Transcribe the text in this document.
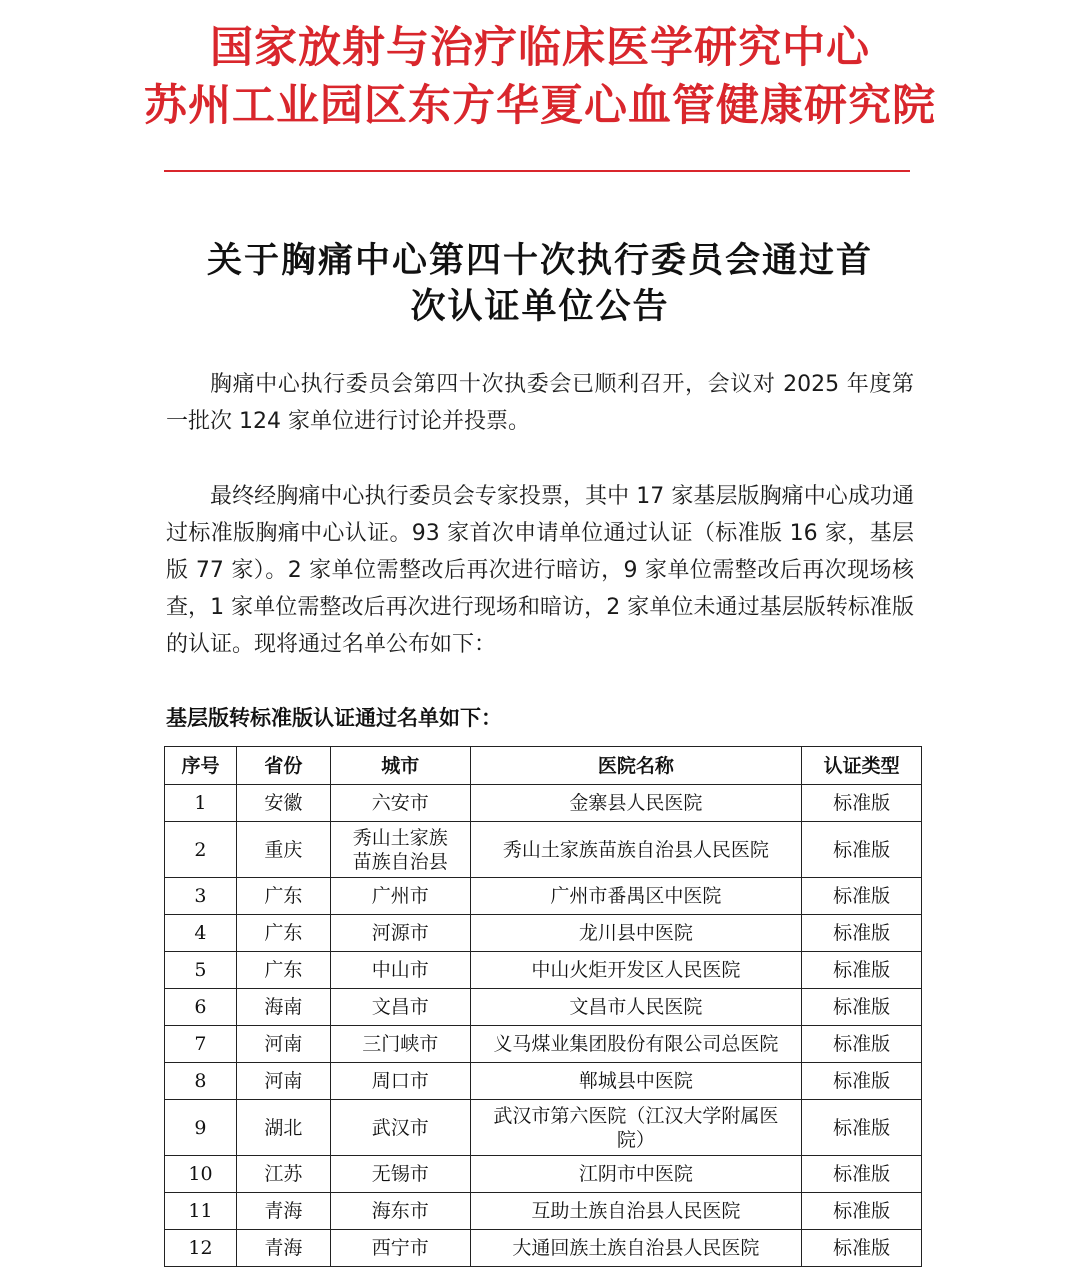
国家放射与治疗临床医学研究中心
苏州工业园区东方华夏心血管健康研究院
关于胸痛中心第四十次执行委员会通过首
次认证单位公告
胸痛中心执行委员会第四十次执委会已顺利召开，会议对 2025 年度第一批次 124 家单位进行讨论并投票。
最终经胸痛中心执行委员会专家投票，其中 17 家基层版胸痛中心成功通过标准版胸痛中心认证。93 家首次申请单位通过认证（标准版 16 家，基层版 77 家）。2 家单位需整改后再次进行暗访，9 家单位需整改后再次现场核查，1 家单位需整改后再次进行现场和暗访，2 家单位未通过基层版转标准版的认证。现将通过名单公布如下：
基层版转标准版认证通过名单如下：
序号	省份	城市	医院名称	认证类型
1	安徽	六安市	金寨县人民医院	标准版
2	重庆	秀山土家族苗族自治县	秀山土家族苗族自治县人民医院	标准版
3	广东	广州市	广州市番禺区中医院	标准版
4	广东	河源市	龙川县中医院	标准版
5	广东	中山市	中山火炬开发区人民医院	标准版
6	海南	文昌市	文昌市人民医院	标准版
7	河南	三门峡市	义马煤业集团股份有限公司总医院	标准版
8	河南	周口市	郸城县中医院	标准版
9	湖北	武汉市	武汉市第六医院（江汉大学附属医院）	标准版
10	江苏	无锡市	江阴市中医院	标准版
11	青海	海东市	互助土族自治县人民医院	标准版
12	青海	西宁市	大通回族土族自治县人民医院	标准版
